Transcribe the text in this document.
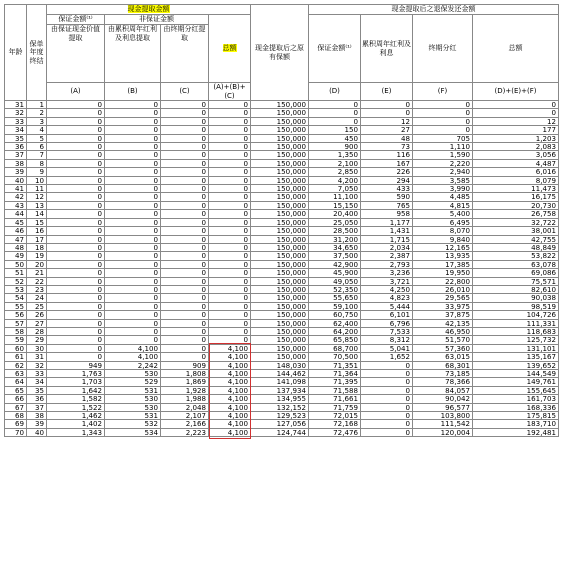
年龄	保单年度终结	现金提取金额				现金提取后之原有保额	现金提取后之退保发还金额			
		保证金额⁽¹⁾	非保证金额		总额		保证金额⁽¹⁾	累积周年红利及利息	终期分红	总额
		由保证现金价值提取	由累积周年红利及利息提取	由终期分红提取						
		(A)	(B)	(C)	(A)+(B)+(C)		(D)	(E)	(F)	(D)+(E)+(F)
31	1	0	0	0	0	150,000	0	0	0	0
32	2	0	0	0	0	150,000	0	0	0	0
33	3	0	0	0	0	150,000	0	12	0	12
34	4	0	0	0	0	150,000	150	27	0	177
35	5	0	0	0	0	150,000	450	48	705	1,203
36	6	0	0	0	0	150,000	900	73	1,110	2,083
37	7	0	0	0	0	150,000	1,350	116	1,590	3,056
38	8	0	0	0	0	150,000	2,100	167	2,220	4,487
39	9	0	0	0	0	150,000	2,850	226	2,940	6,016
40	10	0	0	0	0	150,000	4,200	294	3,585	8,079
41	11	0	0	0	0	150,000	7,050	433	3,990	11,473
42	12	0	0	0	0	150,000	11,100	590	4,485	16,175
43	13	0	0	0	0	150,000	15,150	765	4,815	20,730
44	14	0	0	0	0	150,000	20,400	958	5,400	26,758
45	15	0	0	0	0	150,000	25,050	1,177	6,495	32,722
46	16	0	0	0	0	150,000	28,500	1,431	8,070	38,001
47	17	0	0	0	0	150,000	31,200	1,715	9,840	42,755
48	18	0	0	0	0	150,000	34,650	2,034	12,165	48,849
49	19	0	0	0	0	150,000	37,500	2,387	13,935	53,822
50	20	0	0	0	0	150,000	42,900	2,793	17,385	63,078
51	21	0	0	0	0	150,000	45,900	3,236	19,950	69,086
52	22	0	0	0	0	150,000	49,050	3,721	22,800	75,571
53	23	0	0	0	0	150,000	52,350	4,250	26,010	82,610
54	24	0	0	0	0	150,000	55,650	4,823	29,565	90,038
55	25	0	0	0	0	150,000	59,100	5,444	33,975	98,519
56	26	0	0	0	0	150,000	60,750	6,101	37,875	104,726
57	27	0	0	0	0	150,000	62,400	6,796	42,135	111,331
58	28	0	0	0	0	150,000	64,200	7,533	46,950	118,683
59	29	0	0	0	0	150,000	65,850	8,312	51,570	125,732
60	30	0	4,100	0	4,100	150,000	68,700	5,041	57,360	131,101
61	31	0	4,100	0	4,100	150,000	70,500	1,652	63,015	135,167
62	32	949	2,242	909	4,100	148,030	71,351	0	68,301	139,652
63	33	1,763	530	1,808	4,100	144,462	71,364	0	73,185	144,549
64	34	1,703	529	1,869	4,100	141,098	71,395	0	78,366	149,761
65	35	1,642	531	1,928	4,100	137,934	71,588	0	84,057	155,645
66	36	1,582	530	1,988	4,100	134,955	71,661	0	90,042	161,703
67	37	1,522	530	2,048	4,100	132,152	71,759	0	96,577	168,336
68	38	1,462	531	2,107	4,100	129,523	72,015	0	103,800	175,815
69	39	1,402	532	2,166	4,100	127,056	72,168	0	111,542	183,710
70	40	1,343	534	2,223	4,100	124,744	72,476	0	120,004	192,481
